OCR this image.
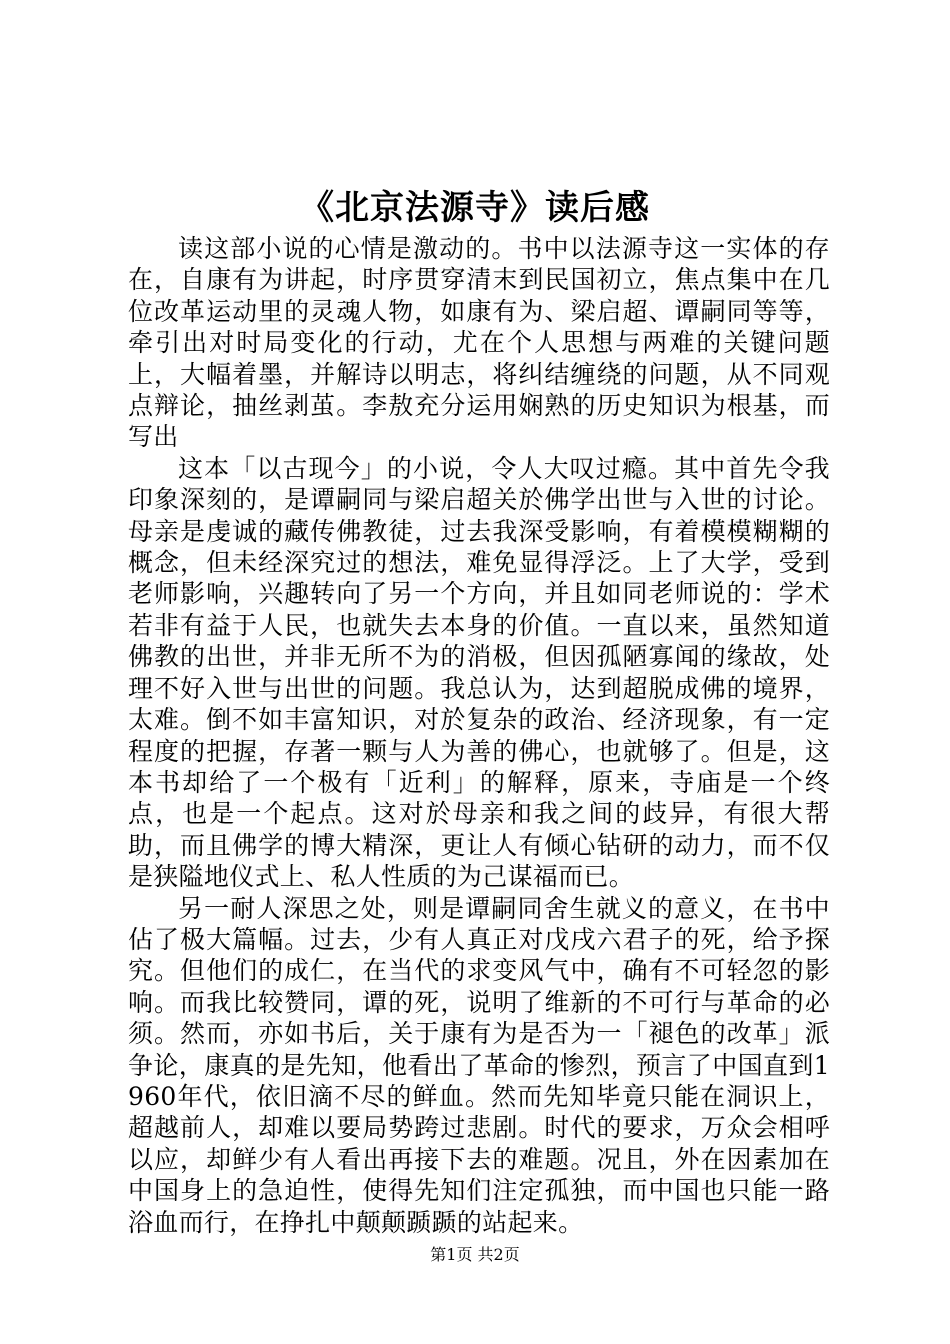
《北京法源寺》读后感

读这部小说的心情是激动的。书中以法源寺这一实体的存在，自康有为讲起，时序贯穿清末到民国初立，焦点集中在几位改革运动里的灵魂人物，如康有为、梁启超、谭嗣同等等，牵引出对时局变化的行动，尤在个人思想与两难的关键问题上，大幅着墨，并解诗以明志，将纠结缠绕的问题，从不同观点辩论，抽丝剥茧。李敖充分运用娴熟的历史知识为根基，而写出

这本「以古现今」的小说，令人大叹过瘾。其中首先令我印象深刻的，是谭嗣同与梁启超关於佛学出世与入世的讨论。母亲是虔诚的藏传佛教徒，过去我深受影响，有着模模糊糊的概念，但未经深究过的想法，难免显得浮泛。上了大学，受到老师影响，兴趣转向了另一个方向，并且如同老师说的：学术若非有益于人民，也就失去本身的价值。一直以来，虽然知道佛教的出世，并非无所不为的消极，但因孤陋寡闻的缘故，处理不好入世与出世的问题。我总认为，达到超脱成佛的境界，太难。倒不如丰富知识，对於复杂的政治、经济现象，有一定程度的把握，存著一颗与人为善的佛心，也就够了。但是，这本书却给了一个极有「近利」的解释，原来，寺庙是一个终点，也是一个起点。这对於母亲和我之间的歧异，有很大帮助，而且佛学的博大精深，更让人有倾心钻研的动力，而不仅是狭隘地仪式上、私人性质的为己谋福而已。

另一耐人深思之处，则是谭嗣同舍生就义的意义，在书中佔了极大篇幅。过去，少有人真正对戊戌六君子的死，给予探究。但他们的成仁，在当代的求变风气中，确有不可轻忽的影响。而我比较赞同，谭的死，说明了维新的不可行与革命的必须。然而，亦如书后，关于康有为是否为一「褪色的改革」派争论，康真的是先知，他看出了革命的惨烈，预言了中国直到1960年代，依旧滴不尽的鲜血。然而先知毕竟只能在洞识上，超越前人，却难以要局势跨过悲剧。时代的要求，万众会相呼以应，却鲜少有人看出再接下去的难题。况且，外在因素加在中国身上的急迫性，使得先知们注定孤独，而中国也只能一路浴血而行，在挣扎中颠颠踬踬的站起来。

第1页 共2页
